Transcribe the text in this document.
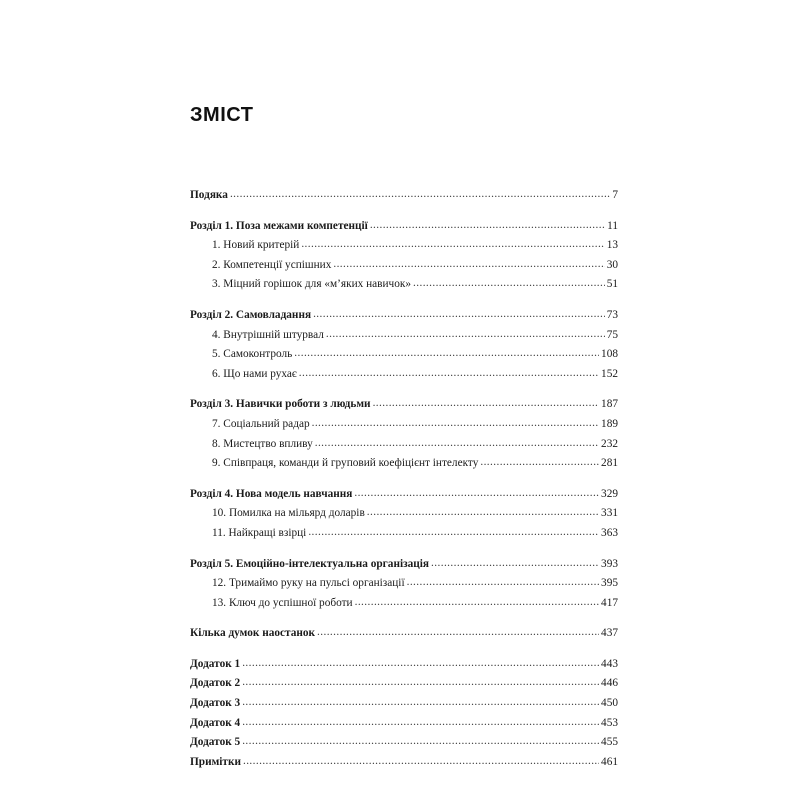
ЗМІСТ
Подяка .....	7
Розділ 1. Поза межами компетенції .....	11
1. Новий критерій .....	13
2. Компетенції успішних .....	30
3. Міцний горішок для «м’яких навичок» .....	51
Розділ 2. Самовладання .....	73
4. Внутрішній штурвал .....	75
5. Самоконтроль .....	108
6. Що нами рухає .....	152
Розділ 3. Навички роботи з людьми .....	187
7. Соціальний радар .....	189
8. Мистецтво впливу .....	232
9. Співпраця, команди й груповий коефіцієнт інтелекту .....	281
Розділ 4. Нова модель навчання .....	329
10. Помилка на мільярд доларів .....	331
11. Найкращі взірці .....	363
Розділ 5. Емоційно-інтелектуальна організація .....	393
12. Тримаймо руку на пульсі організації .....	395
13. Ключ до успішної роботи .....	417
Кілька думок наостанок .....	437
Додаток 1 .....	443
Додаток 2 .....	446
Додаток 3 .....	450
Додаток 4 .....	453
Додаток 5 .....	455
Примітки .....	461
